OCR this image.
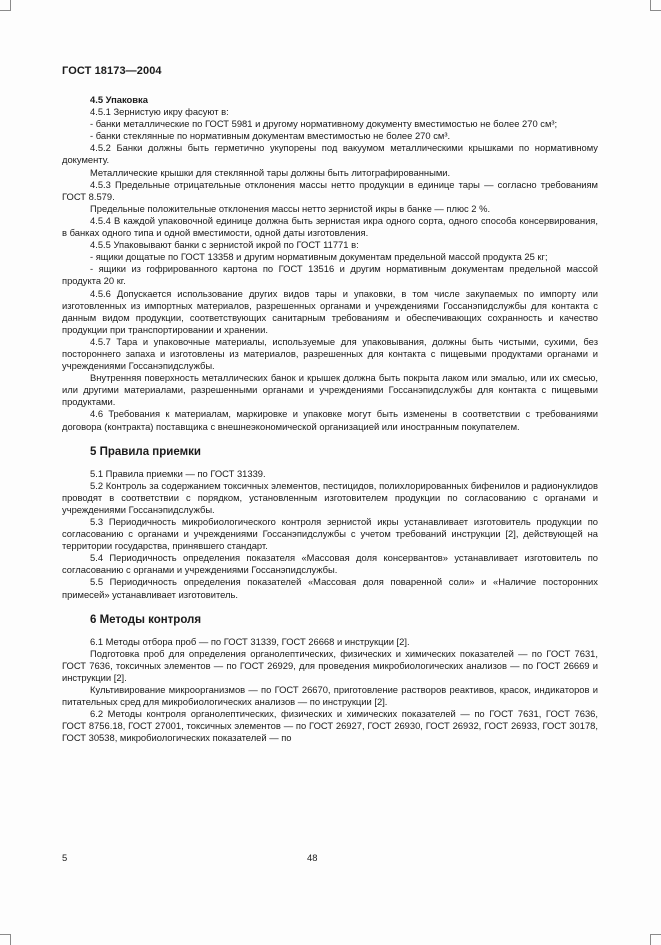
ГОСТ 18173—2004

4.5 Упаковка

4.5.1 Зернистую икру фасуют в:

- банки металлические по ГОСТ 5981 и другому нормативному документу вместимостью не более 270 см³;

- банки стеклянные по нормативным документам вместимостью не более 270 см³.

4.5.2 Банки должны быть герметично укупорены под вакуумом металлическими крышками по нормативному документу.

Металлические крышки для стеклянной тары должны быть литографированными.

4.5.3 Предельные отрицательные отклонения массы нетто продукции в единице тары — согласно требованиям ГОСТ 8.579.

Предельные положительные отклонения массы нетто зернистой икры в банке — плюс 2 %.

4.5.4 В каждой упаковочной единице должна быть зернистая икра одного сорта, одного способа консервирования, в банках одного типа и одной вместимости, одной даты изготовления.

4.5.5 Упаковывают банки с зернистой икрой по ГОСТ 11771 в:

- ящики дощатые по ГОСТ 13358 и другим нормативным документам предельной массой продукта 25 кг;

- ящики из гофрированного картона по ГОСТ 13516 и другим нормативным документам предельной массой продукта 20 кг.

4.5.6 Допускается использование других видов тары и упаковки, в том числе закупаемых по импорту или изготовленных из импортных материалов, разрешенных органами и учреждениями Госсанэпидслужбы для контакта с данным видом продукции, соответствующих санитарным требованиям и обеспечивающих сохранность и качество продукции при транспортировании и хранении.

4.5.7 Тара и упаковочные материалы, используемые для упаковывания, должны быть чистыми, сухими, без постороннего запаха и изготовлены из материалов, разрешенных для контакта с пищевыми продуктами органами и учреждениями Госсанэпидслужбы.

Внутренняя поверхность металлических банок и крышек должна быть покрыта лаком или эмалью, или их смесью, или другими материалами, разрешенными органами и учреждениями Госсанэпидслужбы для контакта с пищевыми продуктами.

4.6 Требования к материалам, маркировке и упаковке могут быть изменены в соответствии с требованиями договора (контракта) поставщика с внешнеэкономической организацией или иностранным покупателем.

5 Правила приемки

5.1 Правила приемки — по ГОСТ 31339.

5.2 Контроль за содержанием токсичных элементов, пестицидов, полихлорированных бифенилов и радионуклидов проводят в соответствии с порядком, установленным изготовителем продукции по согласованию с органами и учреждениями Госсанэпидслужбы.

5.3 Периодичность микробиологического контроля зернистой икры устанавливает изготовитель продукции по согласованию с органами и учреждениями Госсанэпидслужбы с учетом требований инструкции [2], действующей на территории государства, принявшего стандарт.

5.4 Периодичность определения показателя «Массовая доля консервантов» устанавливает изготовитель по согласованию с органами и учреждениями Госсанэпидслужбы.

5.5 Периодичность определения показателей «Массовая доля поваренной соли» и «Наличие посторонних примесей» устанавливает изготовитель.

6 Методы контроля

6.1 Методы отбора проб — по ГОСТ 31339, ГОСТ 26668 и инструкции [2].

Подготовка проб для определения органолептических, физических и химических показателей — по ГОСТ 7631, ГОСТ 7636, токсичных элементов — по ГОСТ 26929, для проведения микробиологических анализов — по ГОСТ 26669 и инструкции [2].

Культивирование микроорганизмов — по ГОСТ 26670, приготовление растворов реактивов, красок, индикаторов и питательных сред для микробиологических анализов — по инструкции [2].

6.2 Методы контроля органолептических, физических и химических показателей — по ГОСТ 7631, ГОСТ 7636, ГОСТ 8756.18, ГОСТ 27001, токсичных элементов — по ГОСТ 26927, ГОСТ 26930, ГОСТ 26932, ГОСТ 26933, ГОСТ 30178, ГОСТ 30538, микробиологических показателей — по

5	48
